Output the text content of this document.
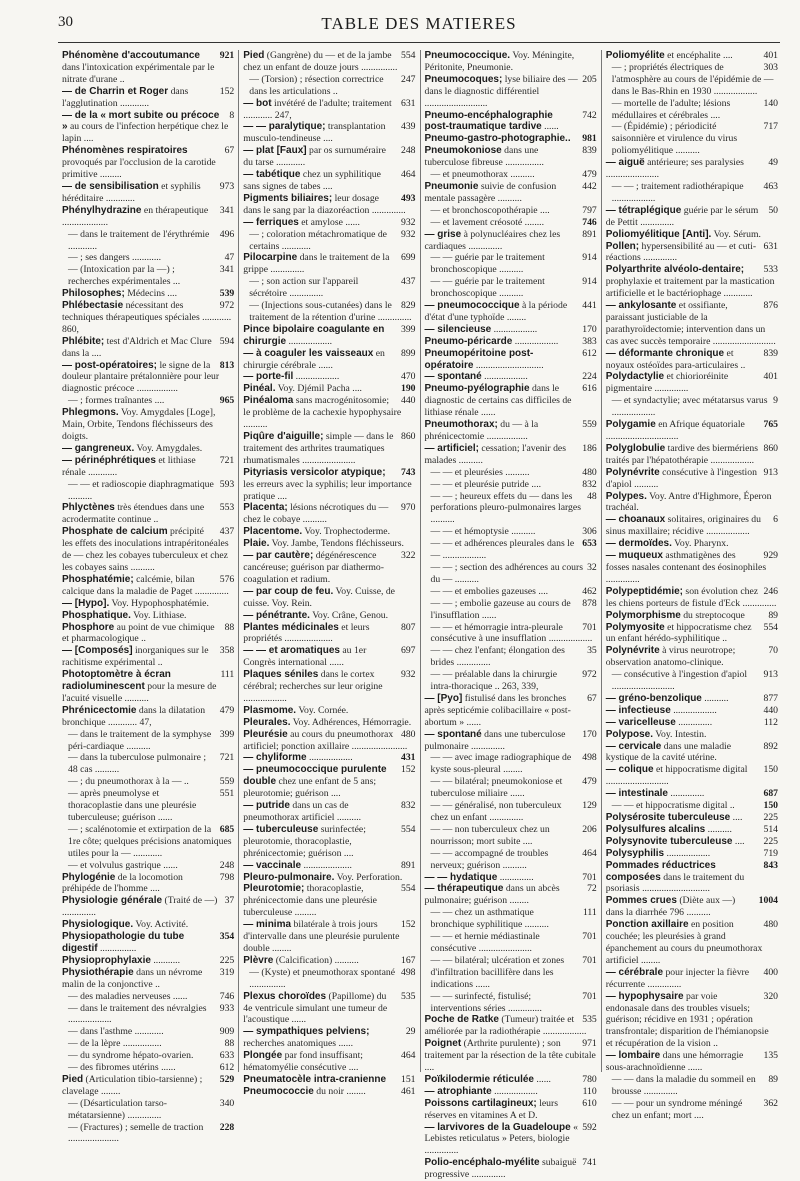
30	TABLE DES MATIERES

921
Phénomène d'accoutumance dans l'intoxication expérimentale par le nitrate d'urane ..

152
— de Charrin et Roger dans l'agglutination ............

8
— de la « mort subite ou précoce » au cours de l'infection herpétique chez le lapin ....

67
Phénomènes respiratoires provoqués par l'occlusion de la carotide primitive .........

973
— de sensibilisation et syphilis héréditaire ............

341
Phénylhydrazine en thérapeutique ...................

496
— dans le traitement de l'érythrémie ............

47
— ; ses dangers ............

341
— (Intoxication par la —) ; recherches expérimentales ...

539
Philosophes; Médecins ....

972
Phlébectasie nécessitant des techniques thérapeutiques spéciales ............ 860,

594
Phlébite; test d'Aldrich et Mac Clure dans la ....

813
— post-opératoires; le signe de la douleur plantaire prétalonnière pour leur diagnostic précoce .................

965
— ; formes traînantes ....

Phlegmons. Voy. Amygdales [Loge], Main, Orbite, Tendons fléchisseurs des doigts.

— gangreneux. Voy. Amygdales.

721
— périnéphrétiques et lithiase rénale ............

593
— — et radioscopie diaphragmatique ..........

553
Phlyctènes très étendues dans une acrodermatite continue ..

437
Phosphate de calcium précipité les effets des inoculations intrapéritonéales de — chez les cobayes tuberculeux et chez les cobayes sains ..........

576
Phosphatémie; calcémie, bilan calcique dans la maladie de Paget ..............

— [Hypo]. Voy. Hypophosphatémie.

Phosphatique. Voy. Lithiase.

88
Phosphore au point de vue chimique et pharmacologique ..

358
— [Composés] inorganiques sur le rachitisme expérimental ..

111
Photoptomètre à écran radioluminescent pour la mesure de l'acuité visuelle ..........

479
Phrénicectomie dans la dilatation bronchique ............ 47,

399
— dans le traitement de la symphyse péri-cardiaque ..........

721
— dans la tuberculose pulmonaire ; 48 cas ..........

559
— ; du pneumothorax à la — ..

551
— après pneumolyse et thoracoplastie dans une pleurésie tuberculeuse; guérison ......

685
— ; scalénotomie et extirpation de la 1re côte; quelques précisions anatomiques utiles pour la — ............

248
— et volvulus gastrique ......

798
Phylogénie de la locomotion préhipéde de l'homme ....

37
Physiologie générale (Traité de —) ..............

Physiologique. Voy. Activité.

354
Physiopathologie du tube digestif ...............

225
Physioprophylaxie ...........

319
Physiothérapie dans un névrome malin de la conjonctive ..

746
— des maladies nerveuses ......

933
— dans le traitement des névralgies ..................

909
— dans l'asthme ............

88
— de la lèpre ................

633
— du syndrome hépato-ovarien.

612
— des fibromes utérins ......

529
Pied (Articulation tibio-tarsienne) ; clavelage ........

340
— (Désarticulation tarso-métatarsienne) ..............

228
— (Fractures) ; semelle de traction .....................

554
Pied (Gangrène) du — et de la jambe chez un enfant de douze jours ...............

247
— (Torsion) ; résection correctrice dans les articulations ..

631
— bot invétéré de l'adulte; traitement ............ 247,

439
— — paralytique; transplantation musculo-tendineuse ....

248
— plat [Faux] par os surnuméraire du tarse ............

464
— tabétique chez un syphilitique sans signes de tabes ....

493
Pigments biliaires; leur dosage dans le sang par la diazoréaction ..............

932
— ferriques et amylose ......

932
— ; coloration métachromatique de certains ............

699
Pilocarpine dans le traitement de la grippe ..............

437
— ; son action sur l'appareil sécrétoire ..............

829
— (Injections sous-cutanées) dans le traitement de la rétention d'urine ..............

399
Pince bipolaire coagulante en chirurgie ..................

899
— à coaguler les vaisseaux en chirurgie cérébrale ......

470
— porte-fil ..................

190
Pinéal. Voy. Djémil Pacha ....

440
Pinéaloma sans macrogénitosomie; le problème de la cachexie hypophysaire ..........

860
Piqûre d'aiguille; simple — dans le traitement des arthrites traumatiques rhumatismales ......................

743
Pityriasis versicolor atypique; les erreurs avec la syphilis; leur importance pratique ....

970
Placenta; lésions nécrotiques du — chez le cobaye ..........

Placentome. Voy. Trophectoderme.

Plaie. Voy. Jambe, Tendons fléchisseurs.

322
— par cautère; dégénérescence cancéreuse; guérison par diathermo-coagulation et radium.

— par coup de feu. Voy. Cuisse, de cuisse. Voy. Rein.

— pénétrante. Voy. Crâne, Genou.

807
Plantes médicinales et leurs propriétés ....................

697
— — et aromatiques au 1er Congrès international ......

932
Plaques séniles dans le cortex cérébral; recherches sur leur origine ..................

Plasmome. Voy. Cornée.

Pleurales. Voy. Adhérences, Hémorragie.

480
Pleurésie au cours du pneumothorax artificiel; ponction axillaire .......................

431
— chyliforme ..................

152
— pneumococcique purulente double chez une enfant de 5 ans; pleurotomie; guérison ....

832
— putride dans un cas de pneumothorax artificiel ..........

554
— tuberculeuse surinfectée; pleurotomie, thoracoplastie, phrénicectomie; guérison ....

891
— vaccinale ....................

Pleuro-pulmonaire. Voy. Perforation.

554
Pleurotomie; thoracoplastie, phrénicectomie dans une pleurésie tuberculeuse .........

152
— minima bilatérale à trois jours d'intervalle dans une pleurésie purulente double ........

167
Plèvre (Calcification) ..........

498
— (Kyste) et pneumothorax spontané ...............

535
Plexus choroïdes (Papillome) du 4e ventricule simulant une tumeur de l'acoustique ......

29
— sympathiques pelviens; recherches anatomiques ......

464
Plongée par fond insuffisant; hématomyélie consécutive ....

151
Pneumatocèle intra-cranienne

461
Pneumococcie du noir ........

Pneumococcique. Voy. Méningite, Péritonite, Pneumonie.

205
Pneumocoques; lyse biliaire des — dans le diagnostic différentiel ..........................

742
Pneumo-encéphalographie post-traumatique tardive ......

981
Pneumo-gastro-photographie..

839
Pneumokoniose dans une tuberculose fibreuse ................

479
— et pneumothorax ..........

442
Pneumonie suivie de confusion mentale passagère ..........

797
— et bronchoscopothérapie ....

746
— et lavement créosoté ........

891
— grise à polynucléaires chez les cardiaques ..............

914
— — guérie par le traitement bronchoscopique ..........

914
— — guérie par le traitement bronchoscopique ..........

441
— pneumococcique à la période d'état d'une typhoïde ........

170
— silencieuse ..................

383
Pneumo-péricarde ..................

612
Pneumopéritoine post-opératoire ............................

224
— spontané ..................

616
Pneumo-pyélographie dans le diagnostic de certains cas difficiles de lithiase rénale ......

559
Pneumothorax; du — à la phrénicectomie .................

186
— artificiel; cessation; l'avenir des malades ..........

480
— — et pleurésies ..........

832
— — et pleurésie putride ....

48
— — ; heureux effets du — dans les perforations pleuro-pulmonaires larges ..........

306
— — et hémoptysie ..........

653
— — et adhérences pleurales dans le — ..................

32
— — ; section des adhérences au cours du — ..........

462
— — et embolies gazeuses ....

878
— — ; embolie gazeuse au cours de l'insufflation ......

701
— — et hémorragie intra-pleurale consécutive à une insufflation ..................

35
— — chez l'enfant; élongation des brides ..............

972
— — préalable dans la chirurgie intra-thoracique .. 263, 339,

67
— [Pyo] fistulisé dans les bronches après septicémie colibacillaire « post-abortum » ......

170
— spontané dans une tuberculose pulmonaire ..............

498
— — avec image radiographique de kyste sous-pleural ........

479
— — bilatéral; pneumokoniose et tuberculose miliaire ......

129
— — généralisé, non tuberculeux chez un enfant ..............

206
— — non tuberculeux chez un nourrisson; mort subite ....

464
— — accompagné de troubles nerveux; guérison ..........

701
— — hydatique ..............

72
— thérapeutique dans un abcès pulmonaire; guérison ........

111
— — chez un asthmatique bronchique syphilitique ..........

701
— — et hernie médiastinale consécutive ......................

701
— — bilatéral; ulcération et zones d'infiltration bacillifère dans les indications ......

701
— — surinfecté, fistulisé; interventions séries ..............

535
Poche de Ratke (Tumeur) traitée et améliorée par la radiothérapie ..................

971
Poignet (Arthrite purulente) ; son traitement par la résection de la tête cubitale ....

780
Poïkilodermie réticulée ......

110
— atrophiante ..................

610
Poissons cartilagineux; leurs réserves en vitamines A et D.

592
— larvivores de la Guadeloupe « Lebistes reticulatus » Peters, biologie ..............

741
Polio-encéphalo-myélite subaiguë progressive ..............

401
Poliomyélite et encéphalite ....

303
— ; propriétés électriques de l'atmosphère au cours de l'épidémie de — dans le Bas-Rhin en 1930 ..................

140
— mortelle de l'adulte; lésions médullaires et cérébrales ....

717
— (Épidémie) ; périodicité saisonnière et virulence du virus poliomyélitique ..........

49
— aiguë antérieure; ses paralysies ......................

463
— — ; traitement radiothérapique ..................

50
— tétraplégique guérie par le sérum de Pettit ..............

Poliomyélitique [Anti]. Voy. Sérum.

631
Pollen; hypersensibilité au — et cuti-réactions ..............

533
Polyarthrite alvéolo-dentaire; prophylaxie et traitement par la mastication artificielle et le bactériophage ............

876
— ankylosante et ossifiante, paraissant justiciable de la parathyroïdectomie; intervention dans un cas avec succès temporaire ..........................

839
— déformante chronique et noyaux ostéoïdes para-articulaires ..

401
Polydactylie et chiorioréinite pigmentaire ..............

9
— et syndactylie; avec métatarsus varus ..................

765
Polygamie en Afrique équatoriale ..............................

860
Polyglobulie tardive des biermériens traités par l'hépatothérapie ..................

913
Polynévrite consécutive à l'ingestion d'apiol ..........

Polypes. Voy. Antre d'Highmore, Éperon trachéal.

6
— choanaux solitaires, originaires du sinus maxillaire; récidive ..................

— dermoïdes. Voy. Pharynx.

929
— muqueux asthmatigènes des fosses nasales contenant des éosinophiles ..............

246
Polypeptidémie; son évolution chez les chiens porteurs de fistule d'Eck ..............

89
Polymorphisme du streptocoque

554
Polymyosite et hippocratisme chez un enfant hérédo-syphilitique ..

70
Polynévrite à virus neurotrope; observation anatomo-clinique.

913
— consécutive à l'ingestion d'apiol ..........................

877
— gréno-benzolique ..........

440
— infectieuse ..................

112
— varicelleuse ..............

Polypose. Voy. Intestin.

892
— cervicale dans une maladie kystique de la cavité utérine.

150
— colique et hippocratisme digital ..........................

687
— intestinale ..............

150
— — et hippocratisme digital ..

225
Polysérosite tuberculeuse ....

514
Polysulfures alcalins ..........

225
Polysynovite tuberculeuse ....

719
Polysyphilis ..................

843
Pommades réductrices composées dans le traitement du psoriasis ............................

1004
Pommes crues (Diète aux —) dans la diarrhée 796 ..........

480
Ponction axillaire en position couchée; les pleurésies à grand épanchement au cours du pneumothorax artificiel ........

400
— cérébrale pour injecter la fièvre récurrente ..............

320
— hypophysaire par voie endonasale dans des troubles visuels; guérison; récidive en 1931 ; opération transfrontale; disparition de l'hémianopsie et récupération de la vision ..

135
— lombaire dans une hémorragie sous-arachnoïdienne ......

89
— — dans la maladie du sommeil en brousse ..............

362
— — pour un syndrome méningé chez un enfant; mort ....
